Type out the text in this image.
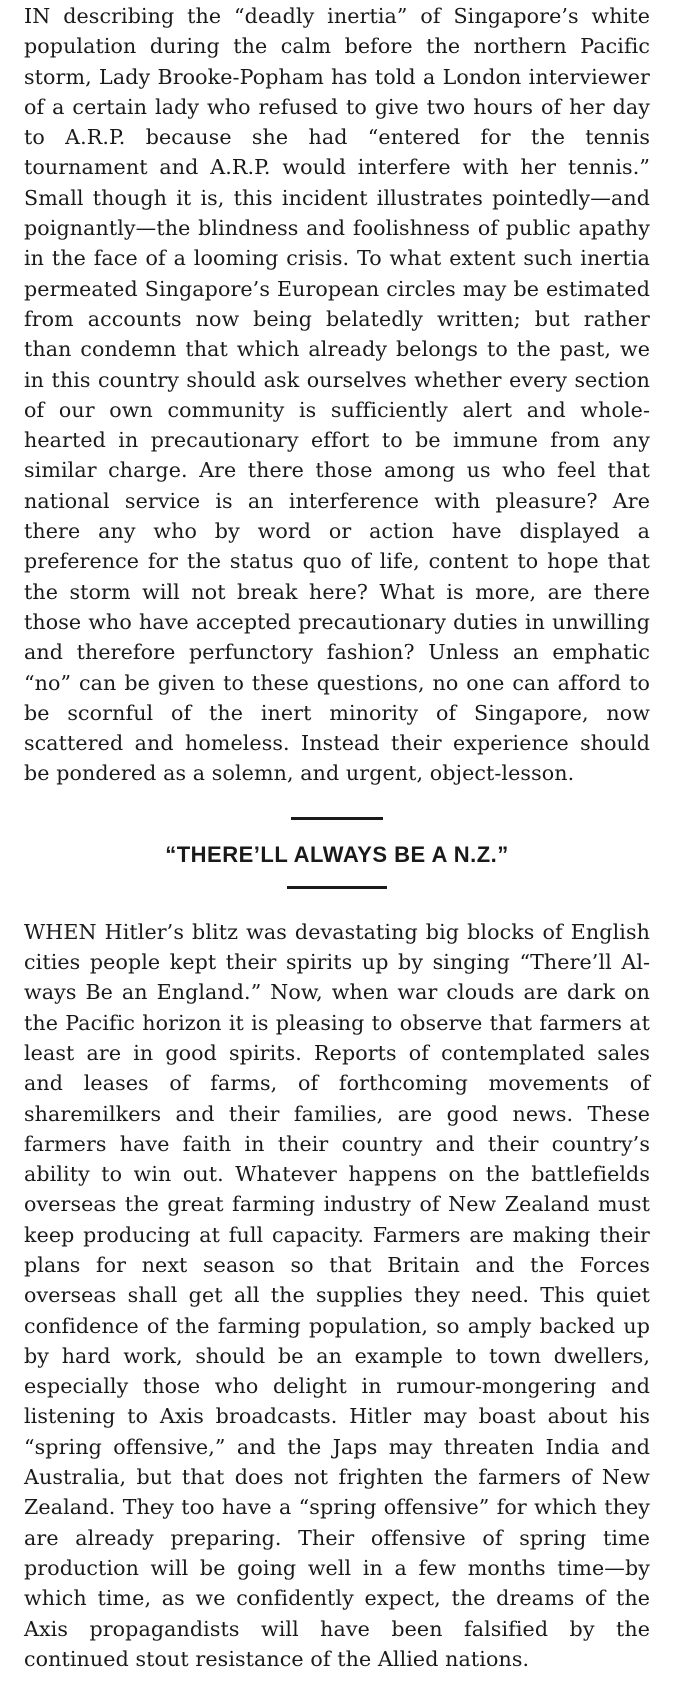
IN describing the “deadly inertia” of Singapore’s white population during the calm before the northern Pacific storm, Lady Brooke-Popham has told a London interviewer of a certain lady who refused to give two hours of her day to A.R.P. because she had “entered for the tennis tournament and A.R.P. would interfere with her tennis.” Small though it is, this incident illustrates pointedly—and poignantly—the blindness and foolishness of public apathy in the face of a looming crisis. To what extent such inertia permeated Singapore’s European circles may be estimated from accounts now being belatedly written; but rather than condemn that which already belongs to the past, we in this country should ask ourselves whether every section of our own community is sufficiently alert and whole-hearted in precautionary effort to be immune from any similar charge. Are there those among us who feel that national service is an interference with pleasure? Are there any who by word or action have displayed a preference for the status quo of life, content to hope that the storm will not break here? What is more, are there those who have accepted precautionary duties in unwilling and therefore perfunctory fashion? Unless an emphatic “no” can be given to these questions, no one can afford to be scornful of the inert minority of Singapore, now scattered and homeless. Instead their experience should be pondered as a solemn, and urgent, object-lesson.

“THERE’LL ALWAYS BE A N.Z.”

WHEN Hitler’s blitz was devastating big blocks of English cities people kept their spirits up by singing “There’ll Always Be an England.” Now, when war clouds are dark on the Pacific horizon it is pleasing to observe that farmers at least are in good spirits. Reports of contemplated sales and leases of farms, of forthcoming movements of sharemilkers and their families, are good news. These farmers have faith in their country and their country’s ability to win out. Whatever happens on the battlefields overseas the great farming industry of New Zealand must keep producing at full capacity. Farmers are making their plans for next season so that Britain and the Forces overseas shall get all the supplies they need. This quiet confidence of the farming population, so amply backed up by hard work, should be an example to town dwellers, especially those who delight in rumour-mongering and listening to Axis broadcasts. Hitler may boast about his “spring offensive,” and the Japs may threaten India and Australia, but that does not frighten the farmers of New Zealand. They too have a “spring offensive” for which they are already preparing. Their offensive of spring time production will be going well in a few months time—by which time, as we confidently expect, the dreams of the Axis propagandists will have been falsified by the continued stout resistance of the Allied nations.
